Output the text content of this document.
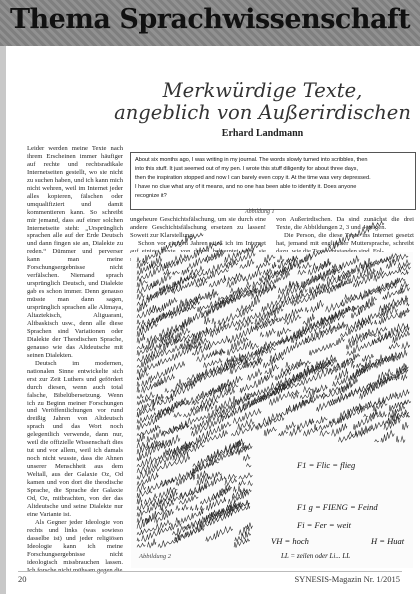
Thema Sprachwissenschaft
Merkwürdige Texte,
angeblich von Außerirdischen
Erhard Landmann

Leider werden meine Texte nach ihrem Erscheinen immer häufiger auf rechte und rechtsradikale Internetseiten gestellt, wo sie nicht zu suchen haben, und ich kann mich nicht wehren, weil im Internet jeder alles kopieren, fälschen oder umqualifiziert und damit kommentieren kann. So schreibt mir jemand, dass auf einer solchen Internetseite steht: „Ursprünglich sprachen alle auf der Erde Deutsch und dann fingen sie an, Dialekte zu reden.“ Dümmer und perverser kann man meine Forschungsergebnisse nicht verfälschen. Niemand sprach ursprünglich Deutsch, und Dialekte gab es schon immer. Denn genauso müsste man dann sagen, ursprünglich sprachen alle Altmaya, Altaztekisch, Aliguarani, Altbaskisch usw., denn alle diese Sprachen sind Variationen oder Dialekte der Theodischen Sprache, genauso wie das Altdeutsche mit seinen Dialekten.

Deutsch im modernen, nationalen Sinne entwickelte sich erst zur Zeit Luthers und gefördert durch diesen, wenn auch total falsche, Bibelübersetzung. Wenn ich zu Beginn meiner Forschungen und Veröffentlichungen vor rund dreißig Jahren von Altdeutsch sprach und das Wort noch gelegentlich verwende, dann nur, weil die offizielle Wissenschaft dies tut und vor allem, weil ich damals noch nicht wusste, dass die Ahnen unserer Menschheit aus dem Weltall, aus der Galaxie Oz, Od kamen und von dort die theodische Sprache, die Sprache der Galaxie Od, Oz, mitbrachten, von der das Altdeutsche und seine Dialekte nur eine Variante ist.

Als Gegner jeder Ideologie von rechts und links (was sowieso dasselbe ist) und jeder religiösen Ideologie kann ich meine Forschungsergebnisse nicht ideologisch missbrauchen lassen.

About six months ago, I was writing in my journal. The words slowly turned into scribbles, then
into this stuff. It just seemed out of my pen. I wrote this stuff diligently for about three days,
then the inspiration stopped and now I can barely even copy it. At the time was very depressed.
I have no clue what any of it means, and no one has been able to identify it. Does anyone
recognize it?
Abbildung 1

ungeheure Geschichtsfälschung, um sie durch eine andere Geschichtsfälschung ersetzen zu lassen! Soweit zur Klarstellung.

Schon vor einigen Jahren stieß ich im Internet

von Außerirdischen. Da sind zunächst die drei Texte, die Abbildungen 2, 3 und 4 zeigen.

Die Person, die diese Texte ins Internet gesetzt hat, jemand mit englischer Muttersprache, schreibt

F1 = Flic = flieg
F1 g = FIENG = Feind
Fi = Fer = weit
VH = hoch	H = Huat
LL = zeilen oder Li... LL
Abbildung 2
20	SYNESIS-Magazin Nr. 1/2015
